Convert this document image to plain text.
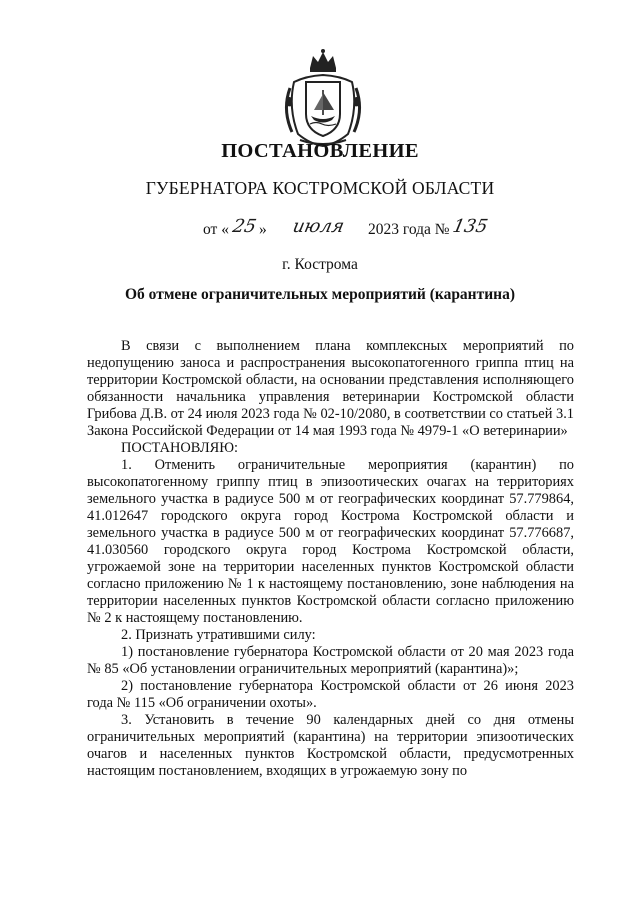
ПОСТАНОВЛЕНИЕ
ГУБЕРНАТОРА КОСТРОМСКОЙ ОБЛАСТИ
от « 25 » июля 2023 года № 135
г. Кострома
Об отмене ограничительных мероприятий (карантина)

В связи с выполнением плана комплексных мероприятий по недопущению заноса и распространения высокопатогенного гриппа птиц на территории Костромской области, на основании представления исполняющего обязанности начальника управления ветеринарии Костромской области Грибова Д.В. от 24 июля 2023 года № 02-10/2080, в соответствии со статьей 3.1 Закона Российской Федерации от 14 мая 1993 года № 4979-1 «О ветеринарии»

ПОСТАНОВЛЯЮ:

1. Отменить ограничительные мероприятия (карантин) по высокопатогенному гриппу птиц в эпизоотических очагах на территориях земельного участка в радиусе 500 м от географических координат 57.779864, 41.012647 городского округа город Кострома Костромской области и земельного участка в радиусе 500 м от географических координат 57.776687, 41.030560 городского округа город Кострома Костромской области, угрожаемой зоне на территории населенных пунктов Костромской области согласно приложению № 1 к настоящему постановлению, зоне наблюдения на территории населенных пунктов Костромской области согласно приложению № 2 к настоящему постановлению.

2. Признать утратившими силу:

1) постановление губернатора Костромской области от 20 мая 2023 года № 85 «Об установлении ограничительных мероприятий (карантина)»;

2) постановление губернатора Костромской области от 26 июня 2023 года № 115 «Об ограничении охоты».

3. Установить в течение 90 календарных дней со дня отмены ограничительных мероприятий (карантина) на территории эпизоотических очагов и населенных пунктов Костромской области, предусмотренных настоящим постановлением, входящих в угрожаемую зону по
